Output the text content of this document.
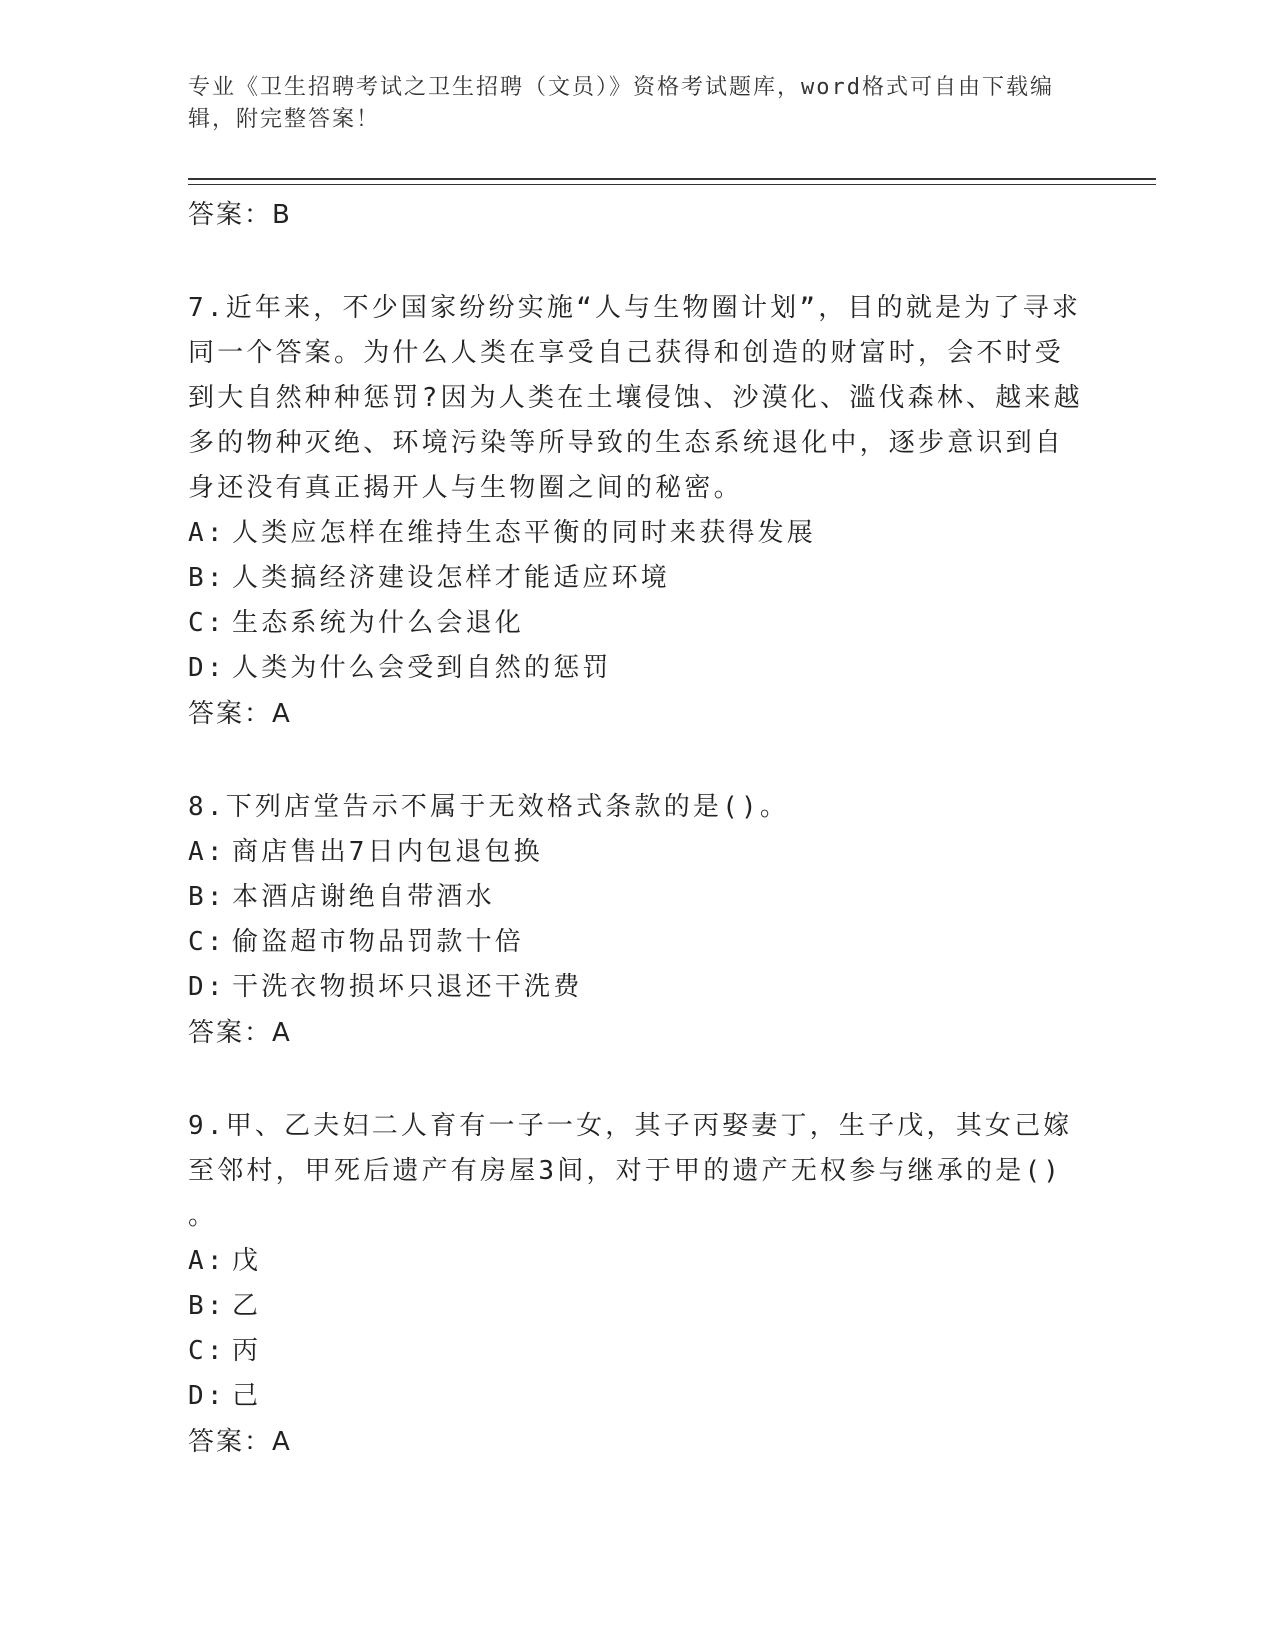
专业《卫生招聘考试之卫生招聘（文员）》资格考试题库，word格式可自由下载编辑，附完整答案！

答案：B

7.近年来，不少国家纷纷实施“人与生物圈计划”，目的就是为了寻求同一个答案。为什么人类在享受自己获得和创造的财富时，会不时受到大自然种种惩罚?因为人类在土壤侵蚀、沙漠化、滥伐森林、越来越多的物种灭绝、环境污染等所导致的生态系统退化中，逐步意识到自身还没有真正揭开人与生物圈之间的秘密。

A: 人类应怎样在维持生态平衡的同时来获得发展

B: 人类搞经济建设怎样才能适应环境

C: 生态系统为什么会退化

D: 人类为什么会受到自然的惩罚

答案：A

8.下列店堂告示不属于无效格式条款的是()。

A: 商店售出7日内包退包换

B: 本酒店谢绝自带酒水

C: 偷盗超市物品罚款十倍

D: 干洗衣物损坏只退还干洗费

答案：A

9.甲、乙夫妇二人育有一子一女，其子丙娶妻丁，生子戊，其女己嫁至邻村，甲死后遗产有房屋3间，对于甲的遗产无权参与继承的是()

。

A: 戊

B: 乙

C: 丙

D: 己

答案：A
